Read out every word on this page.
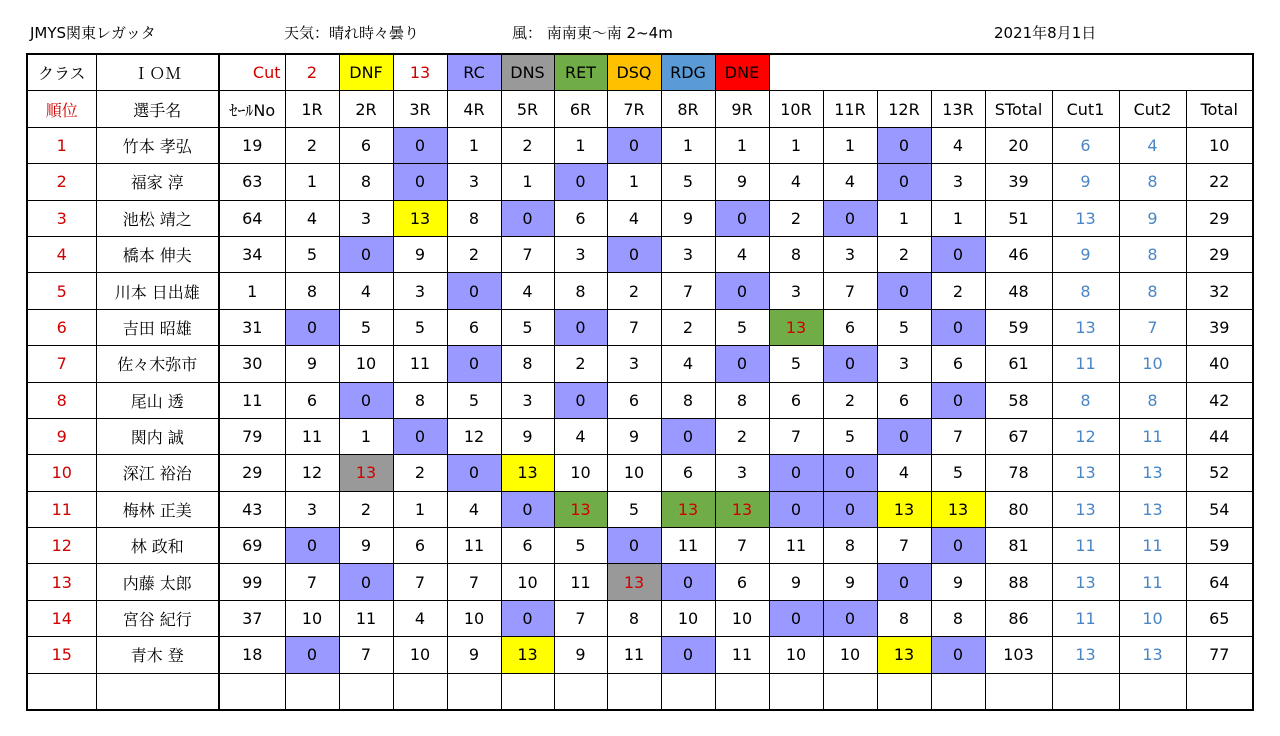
JMYS関東レガッタ	天気：晴れ時々曇り	風： 南南東～南 2~4m	2021年8月1日
クラス	ＩＯＭ	Cut	2	DNF	13	RC	DNS	RET	DSQ	RDG	DNE								
順位	選手名	ｾｰﾙNo	1R	2R	3R	4R	5R	6R	7R	8R	9R	10R	11R	12R	13R	STotal	Cut1	Cut2	Total
1	竹本 孝弘	19	2	6	0	1	2	1	0	1	1	1	1	0	4	20	6	4	10
2	福家 淳	63	1	8	0	3	1	0	1	5	9	4	4	0	3	39	9	8	22
3	池松 靖之	64	4	3	13	8	0	6	4	9	0	2	0	1	1	51	13	9	29
4	橋本 伸夫	34	5	0	9	2	7	3	0	3	4	8	3	2	0	46	9	8	29
5	川本 日出雄	1	8	4	3	0	4	8	2	7	0	3	7	0	2	48	8	8	32
6	吉田 昭雄	31	0	5	5	6	5	0	7	2	5	13	6	5	0	59	13	7	39
7	佐々木弥市	30	9	10	11	0	8	2	3	4	0	5	0	3	6	61	11	10	40
8	尾山 透	11	6	0	8	5	3	0	6	8	8	6	2	6	0	58	8	8	42
9	関内 誠	79	11	1	0	12	9	4	9	0	2	7	5	0	7	67	12	11	44
10	深江 裕治	29	12	13	2	0	13	10	10	6	3	0	0	4	5	78	13	13	52
11	梅林 正美	43	3	2	1	4	0	13	5	13	13	0	0	13	13	80	13	13	54
12	林 政和	69	0	9	6	11	6	5	0	11	7	11	8	7	0	81	11	11	59
13	内藤 太郎	99	7	0	7	7	10	11	13	0	6	9	9	0	9	88	13	11	64
14	宮谷 紀行	37	10	11	4	10	0	7	8	10	10	0	0	8	8	86	11	10	65
15	青木 登	18	0	7	10	9	13	9	11	0	11	10	10	13	0	103	13	13	77
